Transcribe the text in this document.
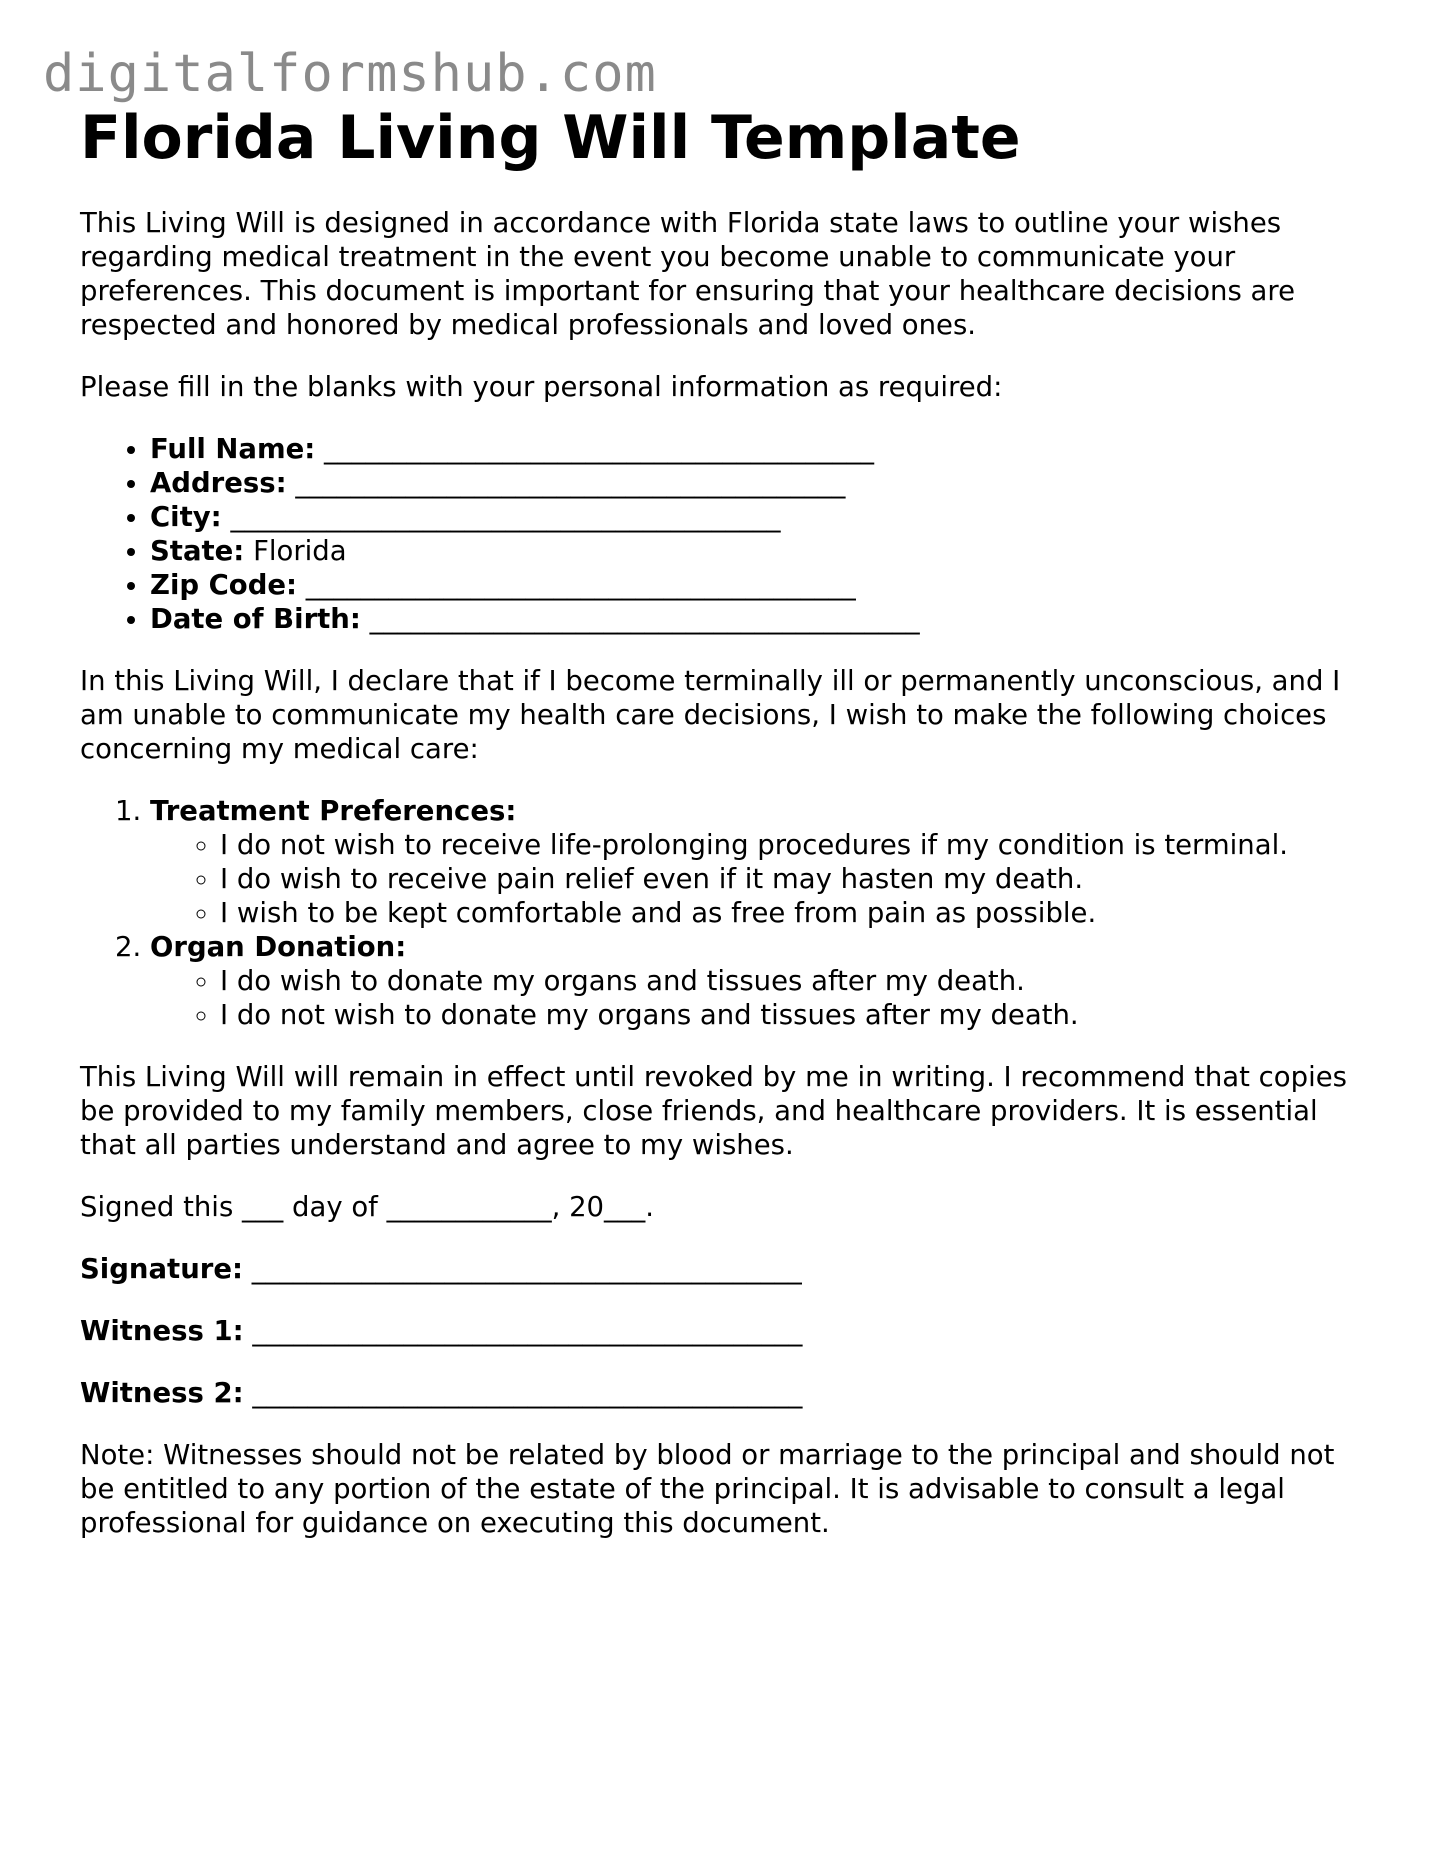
digitalformshub.com
Florida Living Will Template

This Living Will is designed in accordance with Florida state laws to outline your wishes regarding medical treatment in the event you become unable to communicate your preferences. This document is important for ensuring that your healthcare decisions are respected and honored by medical professionals and loved ones.

Please fill in the blanks with your personal information as required:

• Full Name: ________________________________________
• Address: ________________________________________
• City: ________________________________________
• State: Florida
• Zip Code: ________________________________________
• Date of Birth: ________________________________________

In this Living Will, I declare that if I become terminally ill or permanently unconscious, and I am unable to communicate my health care decisions, I wish to make the following choices concerning my medical care:

1. Treatment Preferences:
◦ I do not wish to receive life-prolonging procedures if my condition is terminal.
◦ I do wish to receive pain relief even if it may hasten my death.
◦ I wish to be kept comfortable and as free from pain as possible.
2. Organ Donation:
◦ I do wish to donate my organs and tissues after my death.
◦ I do not wish to donate my organs and tissues after my death.

This Living Will will remain in effect until revoked by me in writing. I recommend that copies be provided to my family members, close friends, and healthcare providers. It is essential that all parties understand and agree to my wishes.

Signed this ___ day of ____________, 20___.

Signature: ________________________________________

Witness 1: ________________________________________

Witness 2: ________________________________________

Note: Witnesses should not be related by blood or marriage to the principal and should not be entitled to any portion of the estate of the principal. It is advisable to consult a legal professional for guidance on executing this document.
